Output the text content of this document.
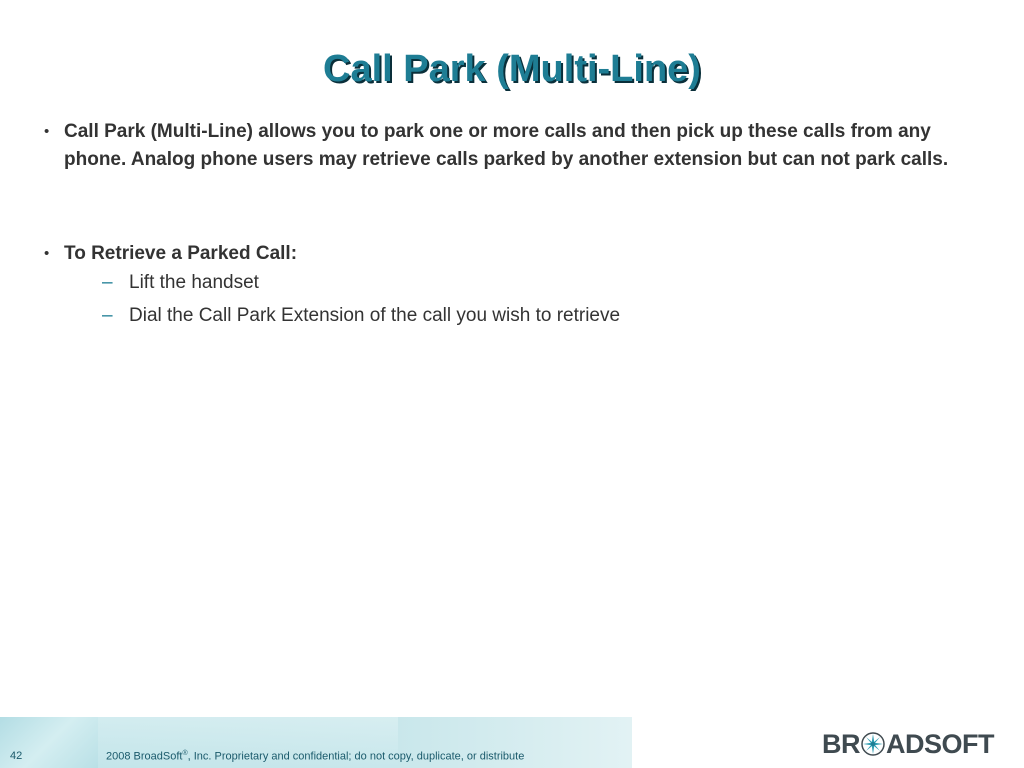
Call Park (Multi-Line)
• Call Park (Multi-Line) allows you to park one or more calls and then pick up these calls from any phone. Analog phone users may retrieve calls parked by another extension but can not park calls.
• To Retrieve a Parked Call:
– Lift the handset
– Dial the Call Park Extension of the call you wish to retrieve
42	2008 BroadSoft®, Inc. Proprietary and confidential; do not copy, duplicate, or distribute	BR ADSOFT
